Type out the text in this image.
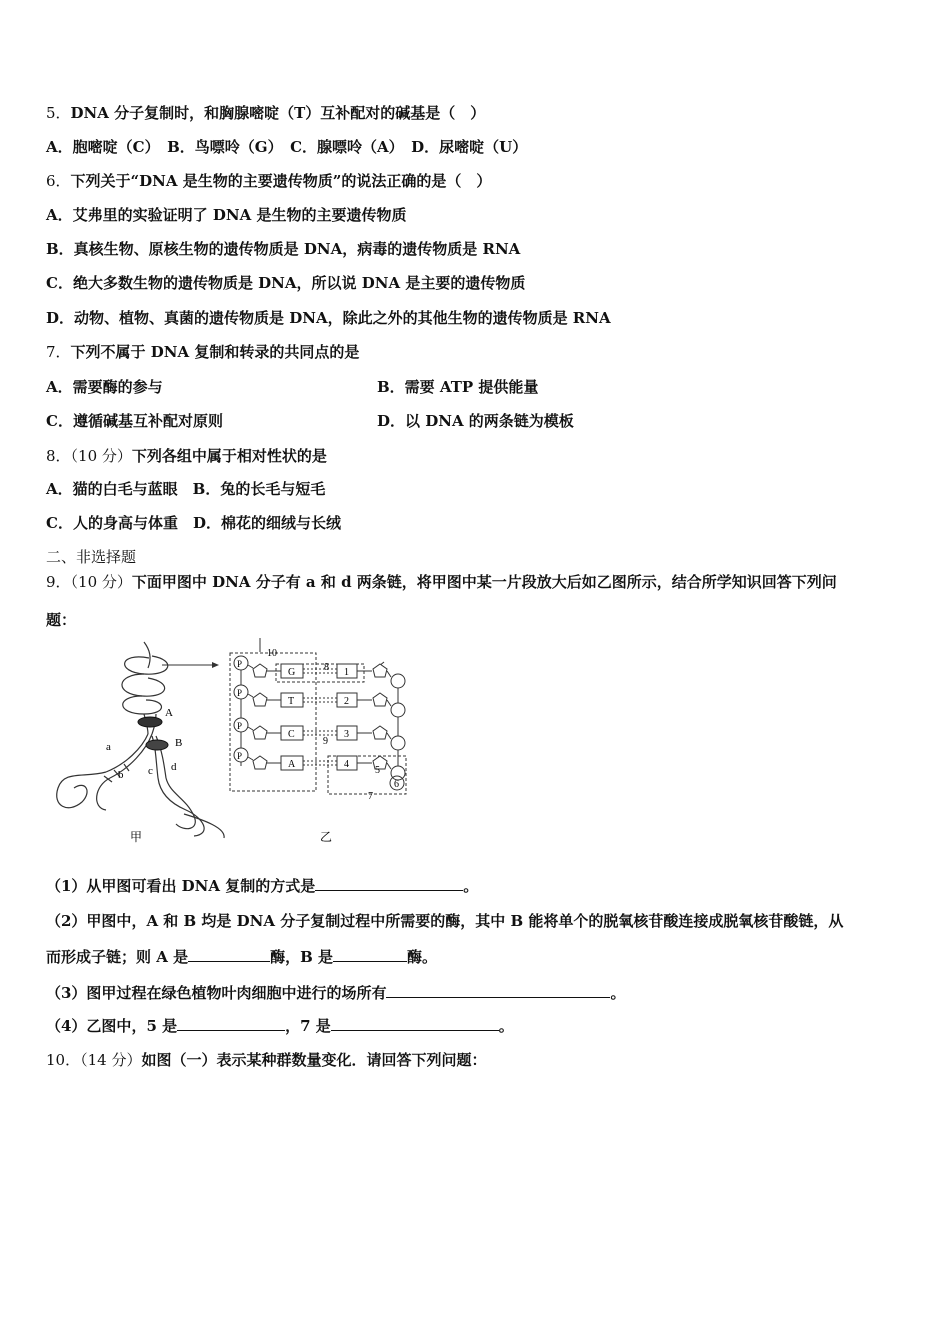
5．DNA 分子复制时，和胸腺嘧啶（T）互补配对的碱基是（　）
A．胞嘧啶（C）　B．鸟嘌呤（G）　C．腺嘌呤（A）　D．尿嘧啶（U）
6．下列关于“DNA 是生物的主要遗传物质”的说法正确的是（　）
A．艾弗里的实验证明了 DNA 是生物的主要遗传物质
B．真核生物、原核生物的遗传物质是 DNA，病毒的遗传物质是 RNA
C．绝大多数生物的遗传物质是 DNA，所以说 DNA 是主要的遗传物质
D．动物、植物、真菌的遗传物质是 DNA，除此之外的其他生物的遗传物质是 RNA
7．下列不属于 DNA 复制和转录的共同点的是
A．需要酶的参与	B．需要 ATP 提供能量
C．遵循碱基互补配对原则	D．以 DNA 的两条链为模板
8．（10 分）下列各组中属于相对性状的是
A．猫的白毛与蓝眼　B．兔的长毛与短毛
C．人的身高与体重　D．棉花的细绒与长绒
二、非选择题
9．（10 分）下面甲图中 DNA 分子有 a 和 d 两条链，将甲图中某一片段放大后如乙图所示，结合所学知识回答下列问
题：
A
B
a
b c d
甲
P
G	1
P
T	2
P
C	3
P
A	4
10
8
9
5
6
7
乙
（1）从甲图可看出 DNA 复制的方式是	。
（2）甲图中，A 和 B 均是 DNA 分子复制过程中所需要的酶，其中 B 能将单个的脱氧核苷酸连接成脱氧核苷酸链，从
而形成子链；则 A 是	酶，B 是	酶。
（3）图甲过程在绿色植物叶肉细胞中进行的场所有	。
（4）乙图中，5 是	，7 是	。
10．（14 分）如图（一）表示某种群数量变化．请回答下列问题：
